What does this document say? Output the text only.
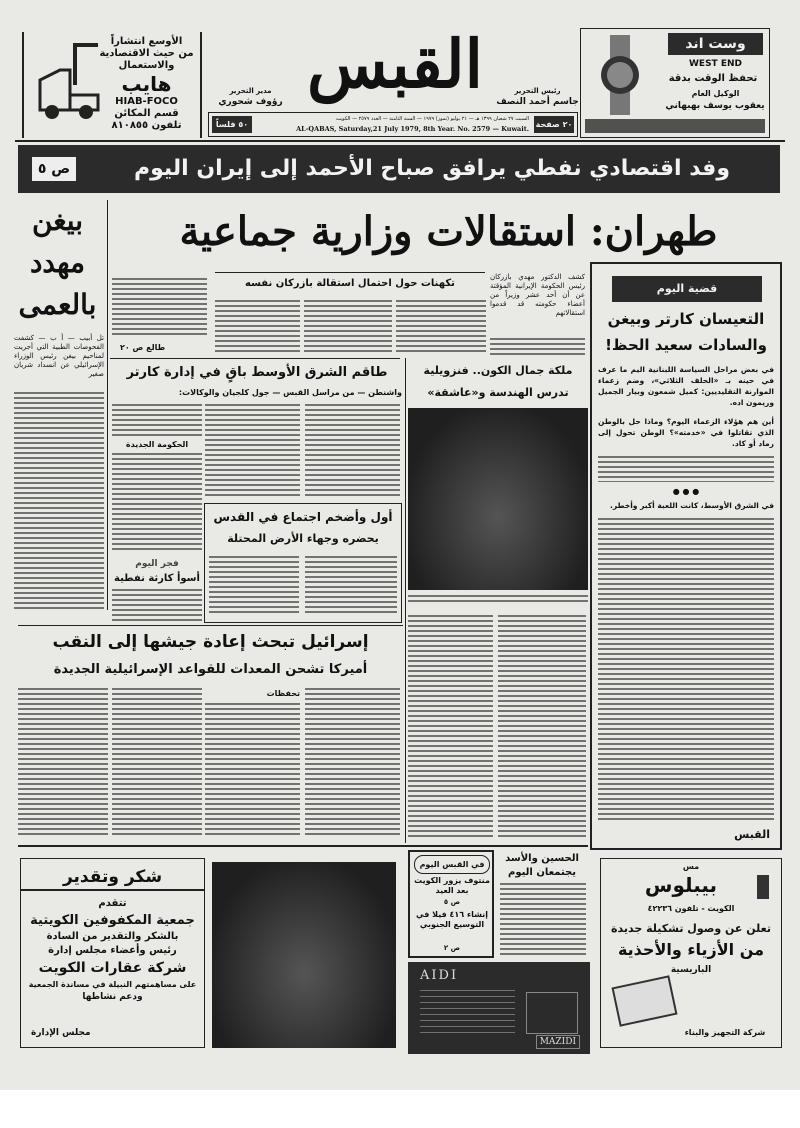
الأوسع انتشاراً
من حيث الاقتصادية
والاستعمال
هايب
HIAB-FOCO
قسم المكائن
تلفون ٨١٠٨٥٥
القبس
مدير التحرير
رؤوف شحوري
رئيس التحرير
جاسم أحمد النصف
٥٠ فلساً
السبت ٢٧ شعبان ١٣٩٩ هـ — ٢١ يوليو (تموز) ١٩٧٩ — السنة الثامنة — العدد ٢٥٧٩ — الكويت
AL-QABAS, Saturday,21 July 1979, 8th Year. No. 2579 — Kuwait. ٢٠ صفحة
وست اند
WEST END
تحفظ الوقت بدقة
الوكيل العام
يعقوب يوسف بهبهاني
ص ٥	وفد اقتصادي نفطي يرافق صباح الأحمد إلى إيران اليوم
طهران: استقالات وزارية جماعية
بيغن
مهدد
بالعمى
تل أبيب — أ ب — كشفت الفحوصات الطبية التي أجريت لمناحيم بيغن رئيس الوزراء الإسرائيلي عن انسداد شريان صغير
كشف الدكتور مهدي بازركان رئيس الحكومة الإيرانية المؤقتة عن أن أحد عشر وزيراً من أعضاء حكومته قد قدموا استقالاتهم
تكهنات حول احتمال استقالة بازركان نفسه
طالع ص ٢٠
طاقم الشرق الأوسط باقٍ في إدارة كارتر
واشنطن — من مراسل القبس — جول كلجيان والوكالات:
الحكومة الجديدة
فجر اليوم
أسوأ كارثة نفطية
أول وأضخم اجتماع في القدس
يحضره وجهاء الأرض المحتلة
ملكة جمال الكون.. فنزويلية
تدرس الهندسة و«عاشقة»
قضية اليوم
التعيسان كارتر وبيغن
والسادات سعيد الحظ!
في بعض مراحل السياسة اللبنانية اليم ما عرف في حينه بـ «الحلف الثلاثي»، وضم زعماء الموارنة التقليديين: كميل شمعون وبيار الجميل وريمون اده.
أين هم هؤلاء الزعماء اليوم؟ وماذا حل بالوطن الذي تقاتلوا في «خدمته»؟ الوطن تحول إلى رماد أو كاد.
● ● ●
في الشرق الأوسط، كانت اللعبة أكبر وأخطر.
القبس
إسرائيل تبحث إعادة جيشها إلى النقب
أميركا تشحن المعدات للقواعد الإسرائيلية الجديدة
تحفظات
في القبس اليوم
منتوف يزور الكويت بعد العيد
ص ٥
إنشاء ٤١٦ فيلا في التوسيع الجنوبي
ص ٢
الحسين والأسد
يجتمعان اليوم
AIDI
MAZIDI
شكر وتقدير
تتقدم
جمعية المكفوفين الكويتية
بالشكر والتقدير من السادة
رئيس وأعضاء مجلس إدارة
شركة عقارات الكويت
على مساهمتهم النبيلة في مساندة الجمعية
ودعم نشاطها
مجلس الإدارة
مس
بيبلوس
الكويت - تلفون ٤٢٢٣٦
تعلن عن وصول تشكيلة جديدة
من الأزياء والأحذية
الباريسية
شركة التجهيز والبناء
